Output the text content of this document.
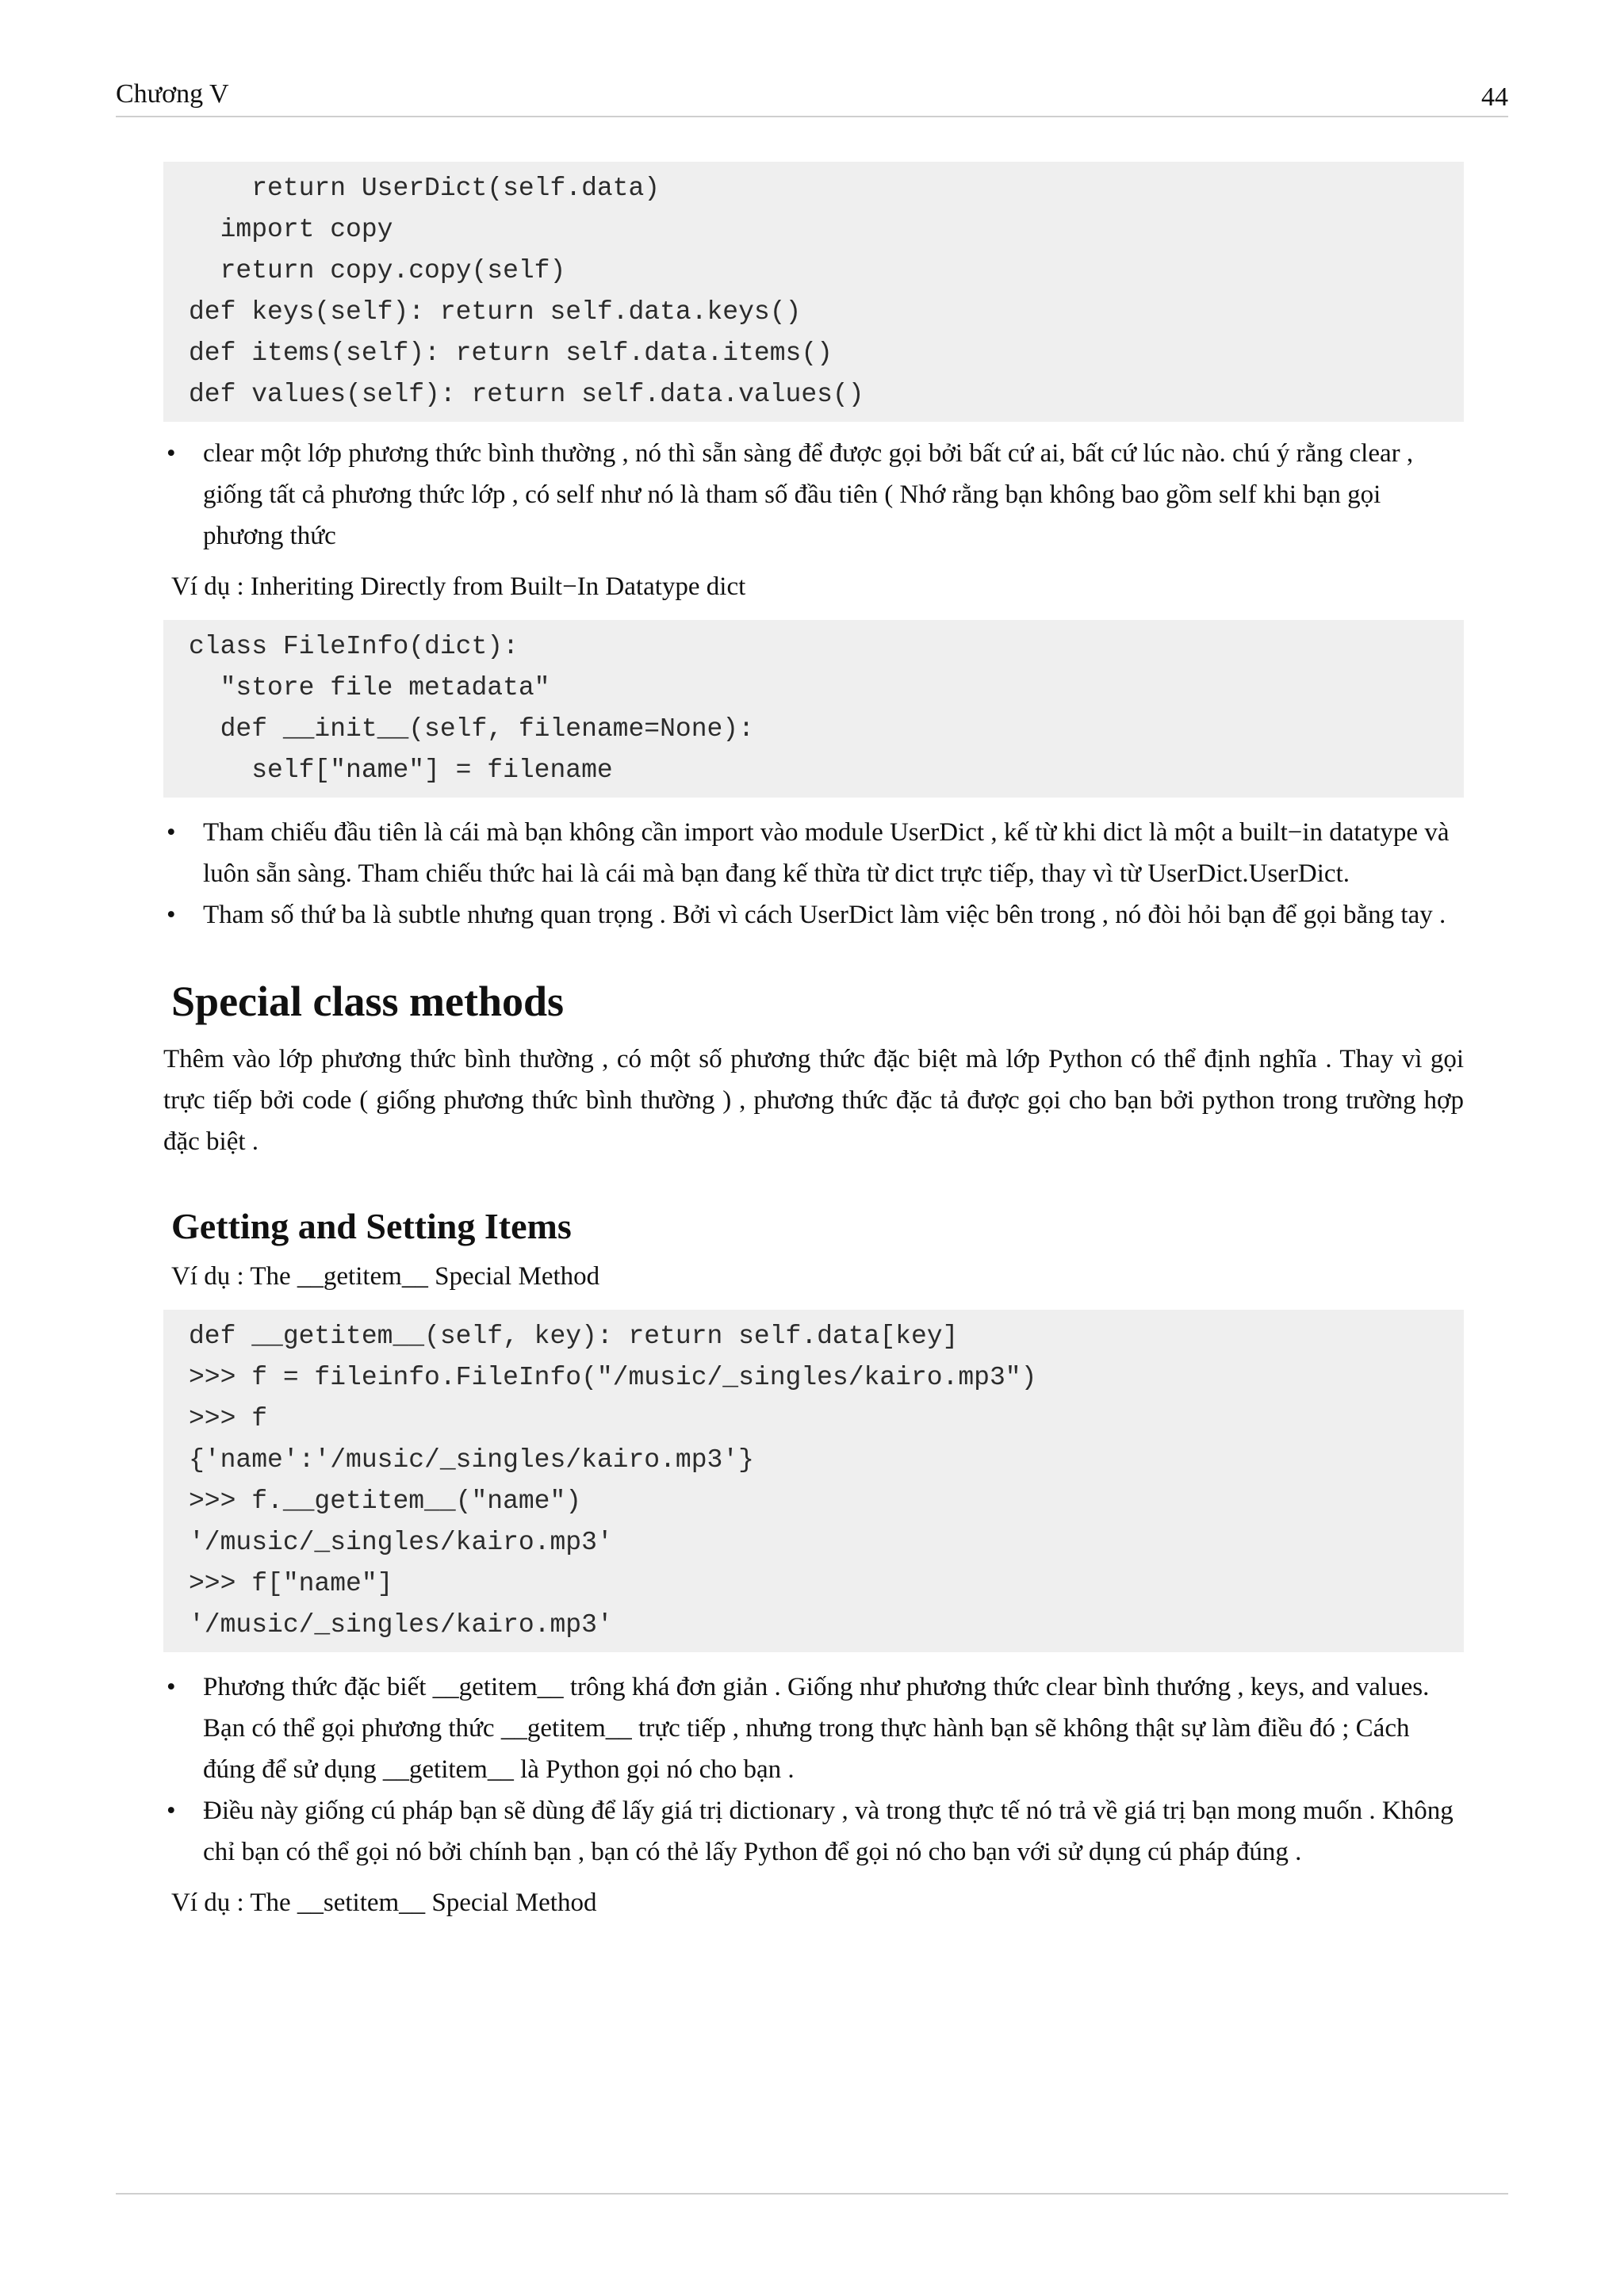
Chương V	44
return UserDict(self.data)
import copy
return copy.copy(self)
def keys(self): return self.data.keys()
def items(self): return self.data.items()
def values(self): return self.data.values()
• clear một lớp phương thức bình thường , nó thì sẵn sàng để được gọi bởi bất cứ ai, bất cứ lúc nào. chú ý rằng clear , giống tất cả phương thức lớp , có self như nó là tham số đầu tiên ( Nhớ rằng bạn không bao gồm self khi bạn gọi phương thức
Ví dụ : Inheriting Directly from Built−In Datatype dict
class FileInfo(dict):
"store file metadata"
def __init__(self, filename=None):
self["name"] = filename
• Tham chiếu đầu tiên là cái mà bạn không cần import vào module UserDict , kế từ khi dict là một a built−in datatype và luôn sẵn sàng. Tham chiếu thức hai là cái mà bạn đang kế thừa từ dict trực tiếp, thay vì từ UserDict.UserDict.
• Tham số thứ ba là subtle nhưng quan trọng . Bởi vì cách UserDict làm việc bên trong , nó đòi hỏi bạn để gọi bằng tay .
Special class methods

Thêm vào lớp phương thức bình thường , có một số phương thức đặc biệt mà lớp Python có thể định nghĩa . Thay vì gọi trực tiếp bởi code ( giống phương thức bình thường ) , phương thức đặc tả được gọi cho bạn bởi python trong trường hợp đặc biệt .

Getting and Setting Items
Ví dụ : The __getitem__ Special Method
def __getitem__(self, key): return self.data[key]
>>> f = fileinfo.FileInfo("/music/_singles/kairo.mp3")
>>> f
{'name':'/music/_singles/kairo.mp3'}
>>> f.__getitem__("name")
'/music/_singles/kairo.mp3'
>>> f["name"]
'/music/_singles/kairo.mp3'
• Phương thức đặc biết __getitem__ trông khá đơn giản . Giống như phương thức clear bình thướng , keys, and values. Bạn có thể gọi phương thức __getitem__ trực tiếp , nhưng trong thực hành bạn sẽ không thật sự làm điều đó ; Cách đúng để sử dụng __getitem__ là Python gọi nó cho bạn .
• Điều này giống cú pháp bạn sẽ dùng để lấy giá trị dictionary , và trong thực tế nó trả về giá trị bạn mong muốn . Không chỉ bạn có thể gọi nó bởi chính bạn , bạn có thẻ lấy Python để gọi nó cho bạn với sử dụng cú pháp đúng .
Ví dụ : The __setitem__ Special Method
